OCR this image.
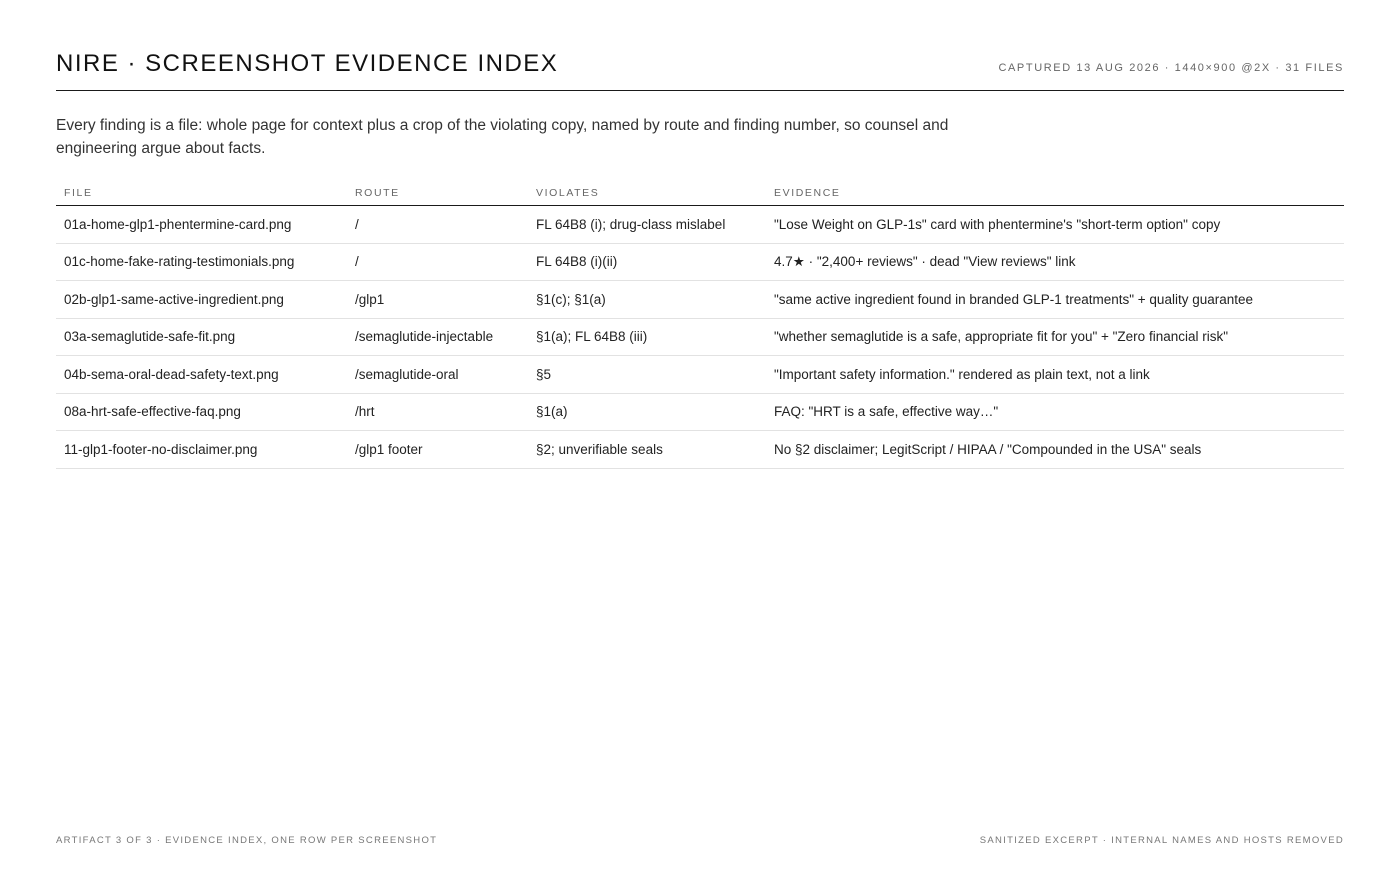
NIRE · SCREENSHOT EVIDENCE INDEX	CAPTURED 13 AUG 2026 · 1440×900 @2X · 31 FILES
Every finding is a file: whole page for context plus a crop of the violating copy, named by route and finding number, so counsel and engineering argue about facts.
FILE	ROUTE	VIOLATES	EVIDENCE
01a-home-glp1-phentermine-card.png	/	FL 64B8 (i); drug-class mislabel	"Lose Weight on GLP-1s" card with phentermine's "short-term option" copy
01c-home-fake-rating-testimonials.png	/	FL 64B8 (i)(ii)	4.7★ · "2,400+ reviews" · dead "View reviews" link
02b-glp1-same-active-ingredient.png	/glp1	§1(c); §1(a)	"same active ingredient found in branded GLP-1 treatments" + quality guarantee
03a-semaglutide-safe-fit.png	/semaglutide-injectable	§1(a); FL 64B8 (iii)	"whether semaglutide is a safe, appropriate fit for you" + "Zero financial risk"
04b-sema-oral-dead-safety-text.png	/semaglutide-oral	§5	"Important safety information." rendered as plain text, not a link
08a-hrt-safe-effective-faq.png	/hrt	§1(a)	FAQ: "HRT is a safe, effective way…"
11-glp1-footer-no-disclaimer.png	/glp1 footer	§2; unverifiable seals	No §2 disclaimer; LegitScript / HIPAA / "Compounded in the USA" seals
ARTIFACT 3 OF 3 · EVIDENCE INDEX, ONE ROW PER SCREENSHOT	SANITIZED EXCERPT · INTERNAL NAMES AND HOSTS REMOVED
